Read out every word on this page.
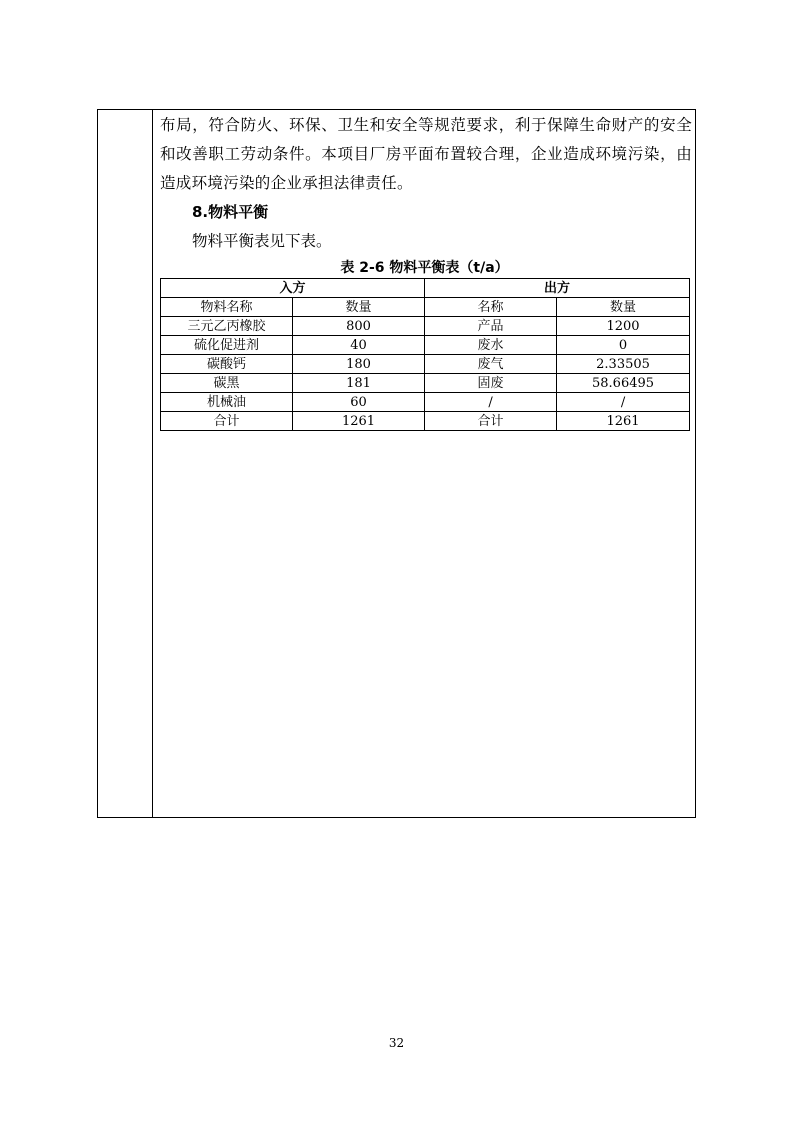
布局，符合防火、环保、卫生和安全等规范要求，利于保障生命财产的安全和改善职工劳动条件。本项目厂房平面布置较合理，企业造成环境污染，由造成环境污染的企业承担法律责任。

8.物料平衡

物料平衡表见下表。

表 2-6 物料平衡表（t/a）
入方		出方	
物料名称	数量	名称	数量
三元乙丙橡胶	800	产品	1200
硫化促进剂	40	废水	0
碳酸钙	180	废气	2.33505
碳黑	181	固废	58.66495
机械油	60	/	/
合计	1261	合计	1261
32
